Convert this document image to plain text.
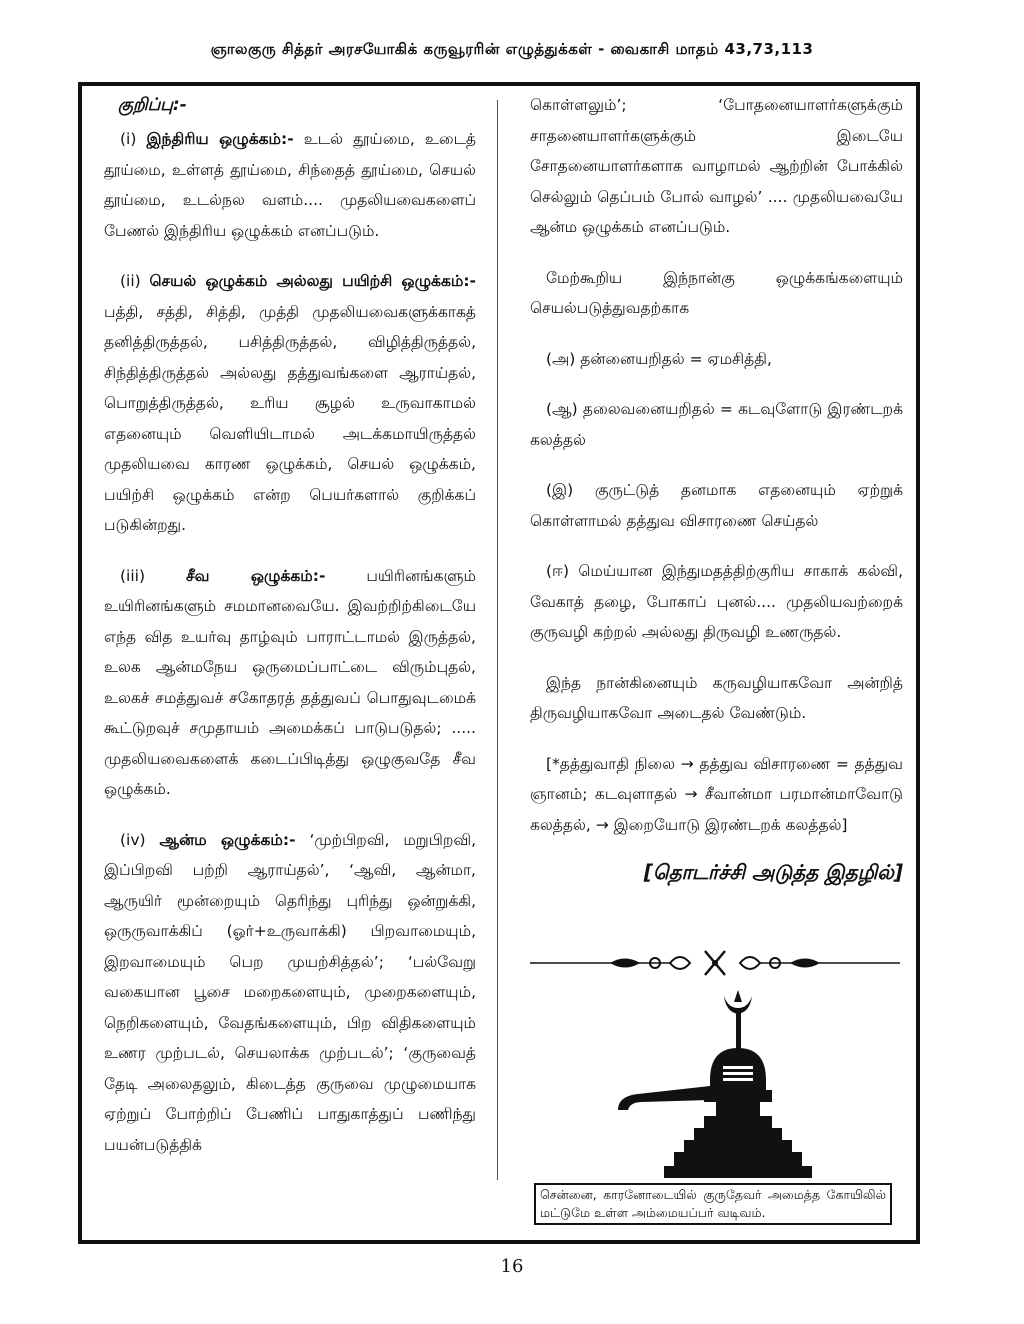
ஞாலகுரு சித்தர் அரசயோகிக் கருவூரரின் எழுத்துக்கள் - வைகாசி மாதம் 43,73,113
குறிப்பு:-

(i) இந்திரிய ஒழுக்கம்:- உடல் தூய்மை, உடைத் தூய்மை, உள்ளத் தூய்மை, சிந்தைத் தூய்மை, செயல் தூய்மை, உடல்நல வளம்.... முதலியவைகளைப் பேணல் இந்திரிய ஒழுக்கம் எனப்படும்.

(ii) செயல் ஒழுக்கம் அல்லது பயிற்சி ஒழுக்கம்:- பத்தி, சத்தி, சித்தி, முத்தி முதலியவைகளுக்காகத் தனித்திருத்தல், பசித்திருத்தல், விழித்திருத்தல், சிந்தித்திருத்தல் அல்லது தத்துவங்களை ஆராய்தல், பொறுத்திருத்தல், உரிய சூழல் உருவாகாமல் எதனையும் வெளியிடாமல் அடக்கமாயிருத்தல் முதலியவை காரண ஒழுக்கம், செயல் ஒழுக்கம், பயிற்சி ஒழுக்கம் என்ற பெயர்களால் குறிக்கப் படுகின்றது.

(iii)	சீவ ஒழுக்கம்:-	பயிரினங்களும் உயிரினங்களும் சமமானவையே. இவற்றிற்கிடையே எந்த வித உயர்வு தாழ்வும் பாராட்டாமல் இருத்தல், உலக ஆன்மநேய ஒருமைப்பாட்டை விரும்புதல், உலகச் சமத்துவச் சகோதரத் தத்துவப் பொதுவுடமைக் கூட்டுறவுச் சமுதாயம் அமைக்கப் பாடுபடுதல்; ..... முதலியவைகளைக் கடைப்பிடித்து ஒழுகுவதே சீவ ஒழுக்கம்.

(iv) ஆன்ம ஒழுக்கம்:- ‘முற்பிறவி, மறுபிறவி, இப்பிறவி பற்றி ஆராய்தல்’, ‘ஆவி, ஆன்மா, ஆருயிர் மூன்றையும் தெரிந்து புரிந்து ஒன்றுக்கி, ஒருருவாக்கிப் (ஓர்+உருவாக்கி) பிறவாமையும், இறவாமையும் பெற முயற்சித்தல்’; ‘பல்வேறு வகையான பூசை மறைகளையும், முறைகளையும், நெறிகளையும், வேதங்களையும், பிற விதிகளையும் உணர முற்படல், செயலாக்க முற்படல்’; ‘குருவைத் தேடி அலைதலும், கிடைத்த குருவை முழுமையாக ஏற்றுப் போற்றிப் பேணிப் பாதுகாத்துப் பணிந்து பயன்படுத்திக்

கொள்ளலும்’; ‘போதனையாளர்களுக்கும் சாதனையாளர்களுக்கும் இடையே சோதனையாளர்களாக வாழாமல் ஆற்றின் போக்கில் செல்லும் தெப்பம் போல் வாழல்’ .... முதலியவையே ஆன்ம ஒழுக்கம் எனப்படும்.

மேற்கூறிய இந்நான்கு ஒழுக்கங்களையும் செயல்படுத்துவதற்காக

(அ) தன்னையறிதல் = ஏமசித்தி,

(ஆ) தலைவனையறிதல் = கடவுளோடு இரண்டறக் கலத்தல்

(இ) குருட்டுத் தனமாக எதனையும் ஏற்றுக் கொள்ளாமல் தத்துவ விசாரணை செய்தல்

(ஈ) மெய்யான இந்துமதத்திற்குரிய சாகாக் கல்வி, வேகாத் தழை, போகாப் புனல்.... முதலியவற்றைக் குருவழி கற்றல் அல்லது திருவழி உணருதல்.

இந்த நான்கினையும் கருவழியாகவோ அன்றித் திருவழியாகவோ அடைதல் வேண்டும்.

[*தத்துவாதி நிலை → தத்துவ விசாரணை = தத்துவ ஞானம்; கடவுளாதல் → சீவான்மா பரமான்மாவோடு கலத்தல், → இறையோடு இரண்டறக் கலத்தல்]

[தொடர்ச்சி அடுத்த இதழில்]
சென்னை, காரனோடையில் குருதேவர் அமைத்த கோயிலில் மட்டுமே உள்ள அம்மையப்பர் வடிவம்.
16
